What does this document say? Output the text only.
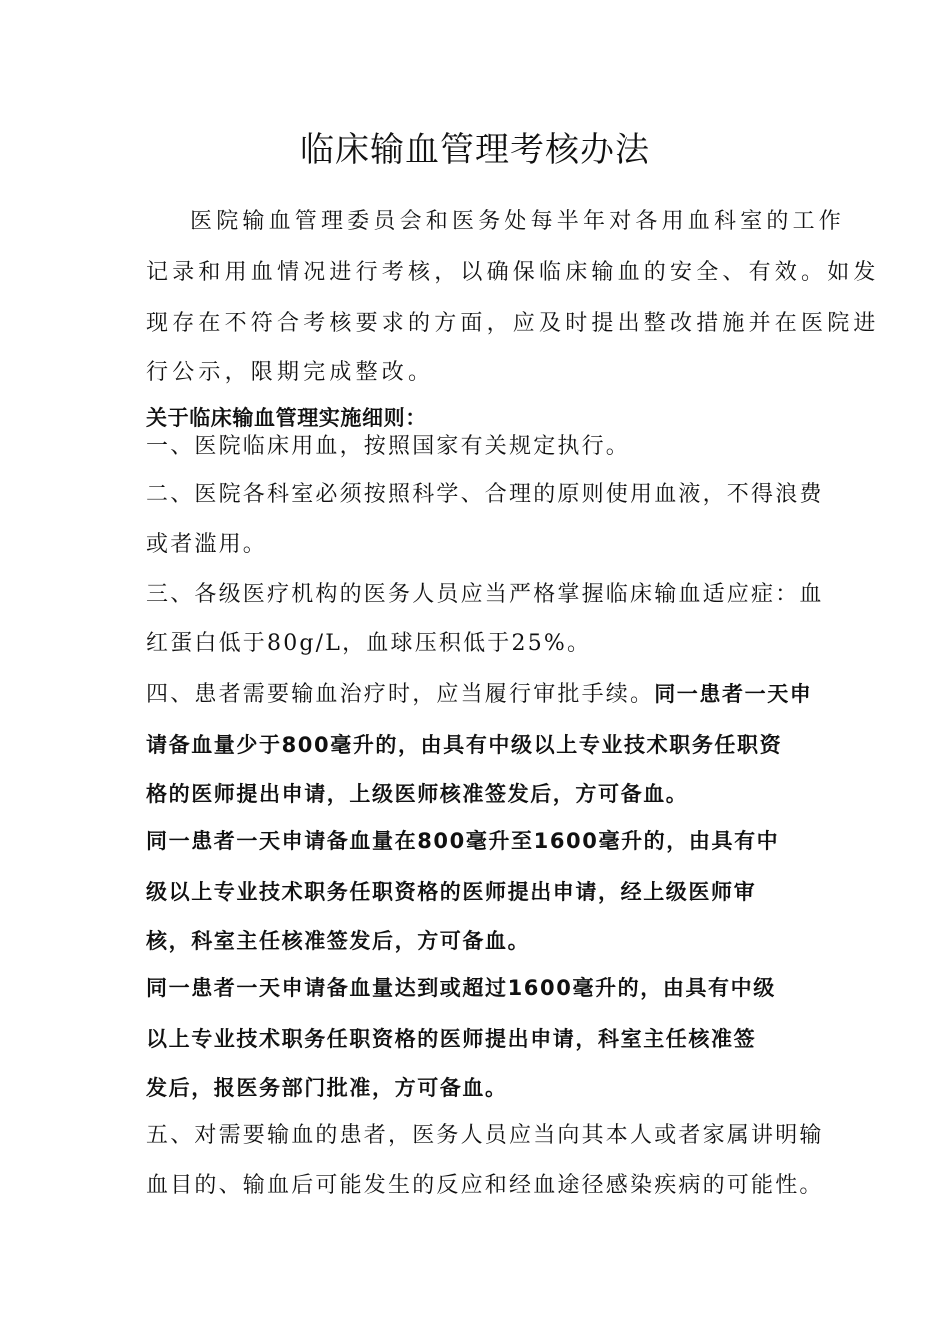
临床输血管理考核办法
医院输血管理委员会和医务处每半年对各用血科室的工作
记录和用血情况进行考核，以确保临床输血的安全、有效。如发
现存在不符合考核要求的方面，应及时提出整改措施并在医院进
行公示，限期完成整改。
关于临床输血管理实施细则：
一、医院临床用血，按照国家有关规定执行。
二、医院各科室必须按照科学、合理的原则使用血液，不得浪费
或者滥用。
三、各级医疗机构的医务人员应当严格掌握临床输血适应症：血
红蛋白低于80g/L，血球压积低于25%。
四、患者需要输血治疗时，应当履行审批手续。同一患者一天申
请备血量少于800毫升的，由具有中级以上专业技术职务任职资
格的医师提出申请，上级医师核准签发后，方可备血。
同一患者一天申请备血量在800毫升至1600毫升的，由具有中
级以上专业技术职务任职资格的医师提出申请，经上级医师审
核，科室主任核准签发后，方可备血。
同一患者一天申请备血量达到或超过1600毫升的，由具有中级
以上专业技术职务任职资格的医师提出申请，科室主任核准签
发后，报医务部门批准，方可备血。
五、对需要输血的患者，医务人员应当向其本人或者家属讲明输
血目的、输血后可能发生的反应和经血途径感染疾病的可能性。
